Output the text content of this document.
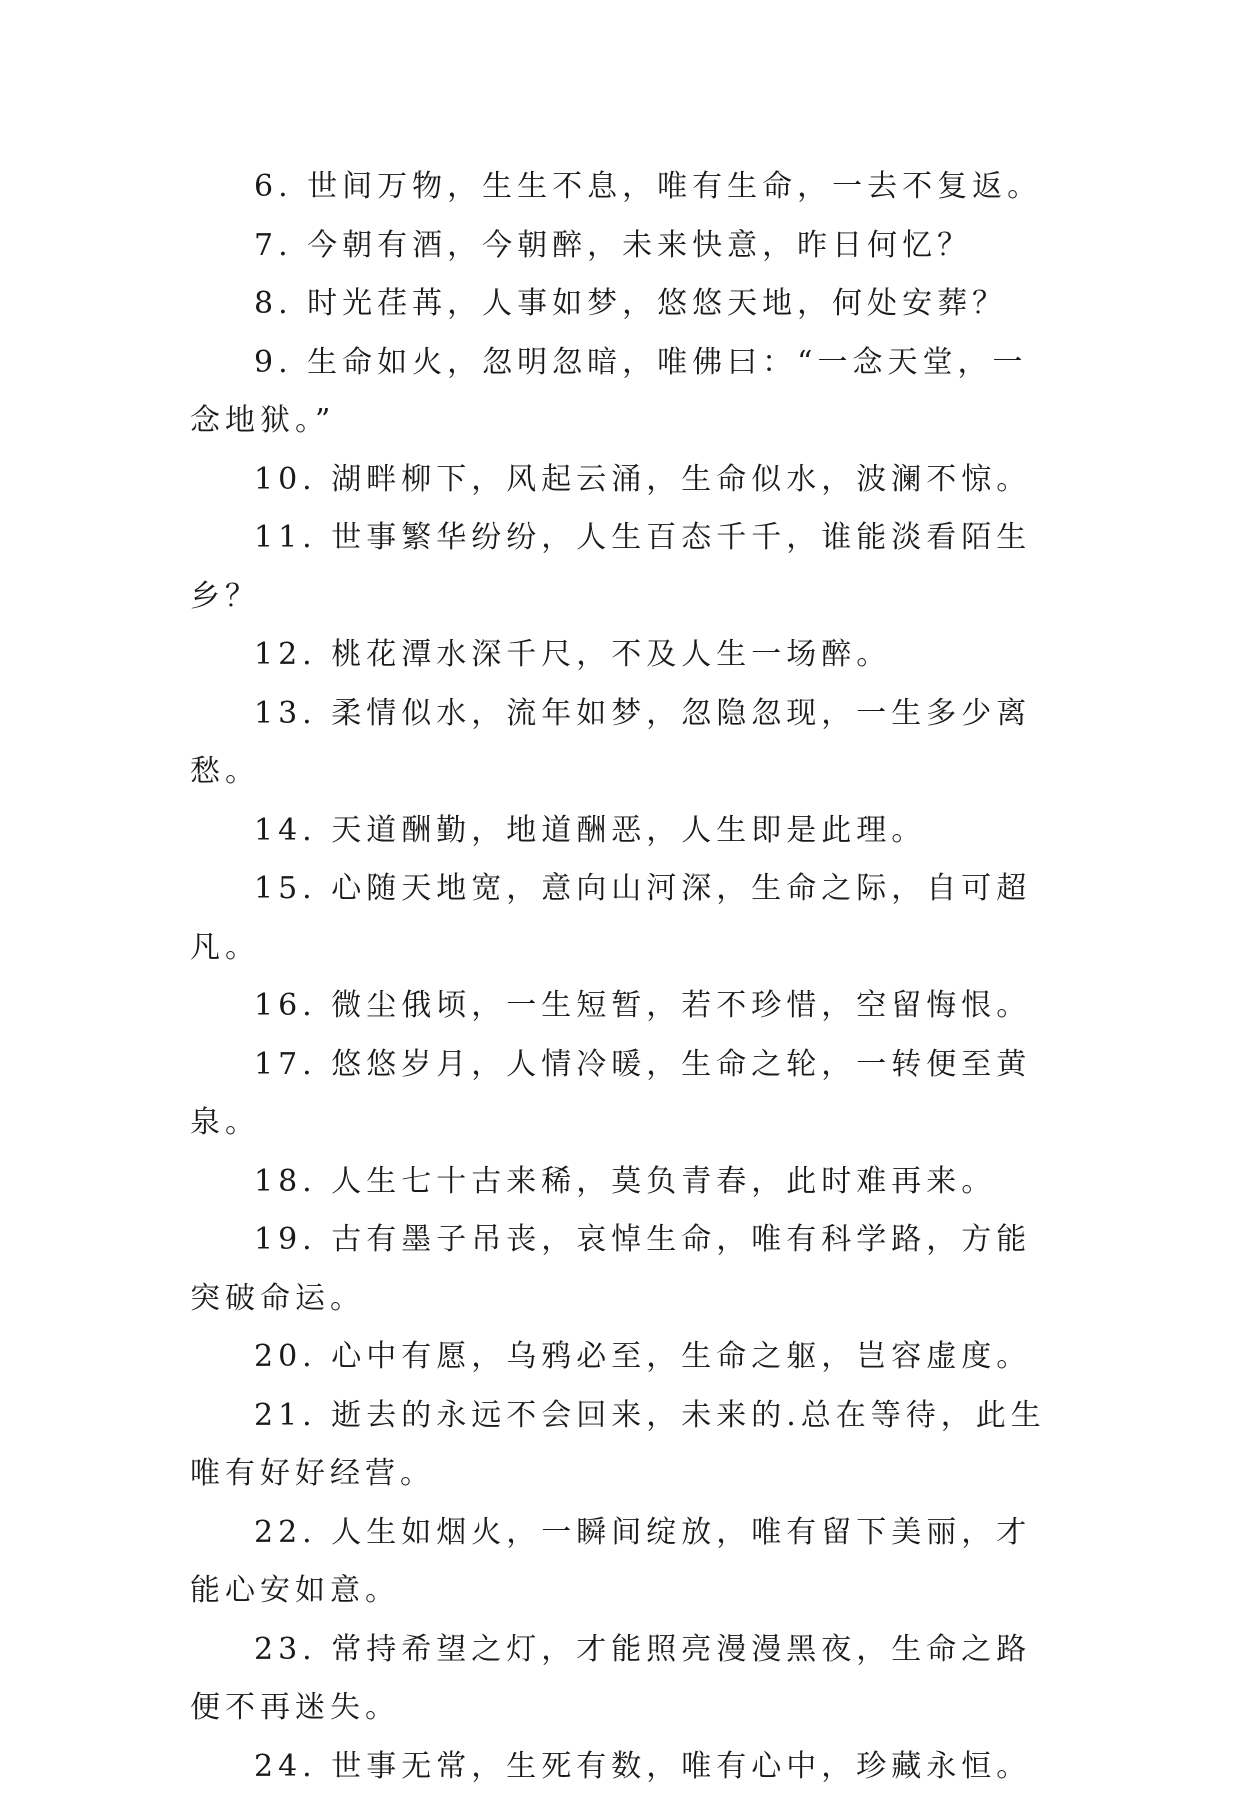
6. 世间万物，生生不息，唯有生命，一去不复返。

7. 今朝有酒，今朝醉，未来快意，昨日何忆？

8. 时光荏苒，人事如梦，悠悠天地，何处安葬？

9. 生命如火，忽明忽暗，唯佛曰：“一念天堂，一念地狱。”

10. 湖畔柳下，风起云涌，生命似水，波澜不惊。

11. 世事繁华纷纷，人生百态千千，谁能淡看陌生乡？

12. 桃花潭水深千尺，不及人生一场醉。

13. 柔情似水，流年如梦，忽隐忽现，一生多少离愁。

14. 天道酬勤，地道酬恶，人生即是此理。

15. 心随天地宽，意向山河深，生命之际，自可超凡。

16. 微尘俄顷，一生短暂，若不珍惜，空留悔恨。

17. 悠悠岁月，人情冷暖，生命之轮，一转便至黄泉。

18. 人生七十古来稀，莫负青春，此时难再来。

19. 古有墨子吊丧，哀悼生命，唯有科学路，方能突破命运。

20. 心中有愿，乌鸦必至，生命之躯，岂容虚度。

21. 逝去的永远不会回来，未来的.总在等待，此生唯有好好经营。

22. 人生如烟火，一瞬间绽放，唯有留下美丽，才能心安如意。

23. 常持希望之灯，才能照亮漫漫黑夜，生命之路便不再迷失。

24. 世事无常，生死有数，唯有心中，珍藏永恒。
